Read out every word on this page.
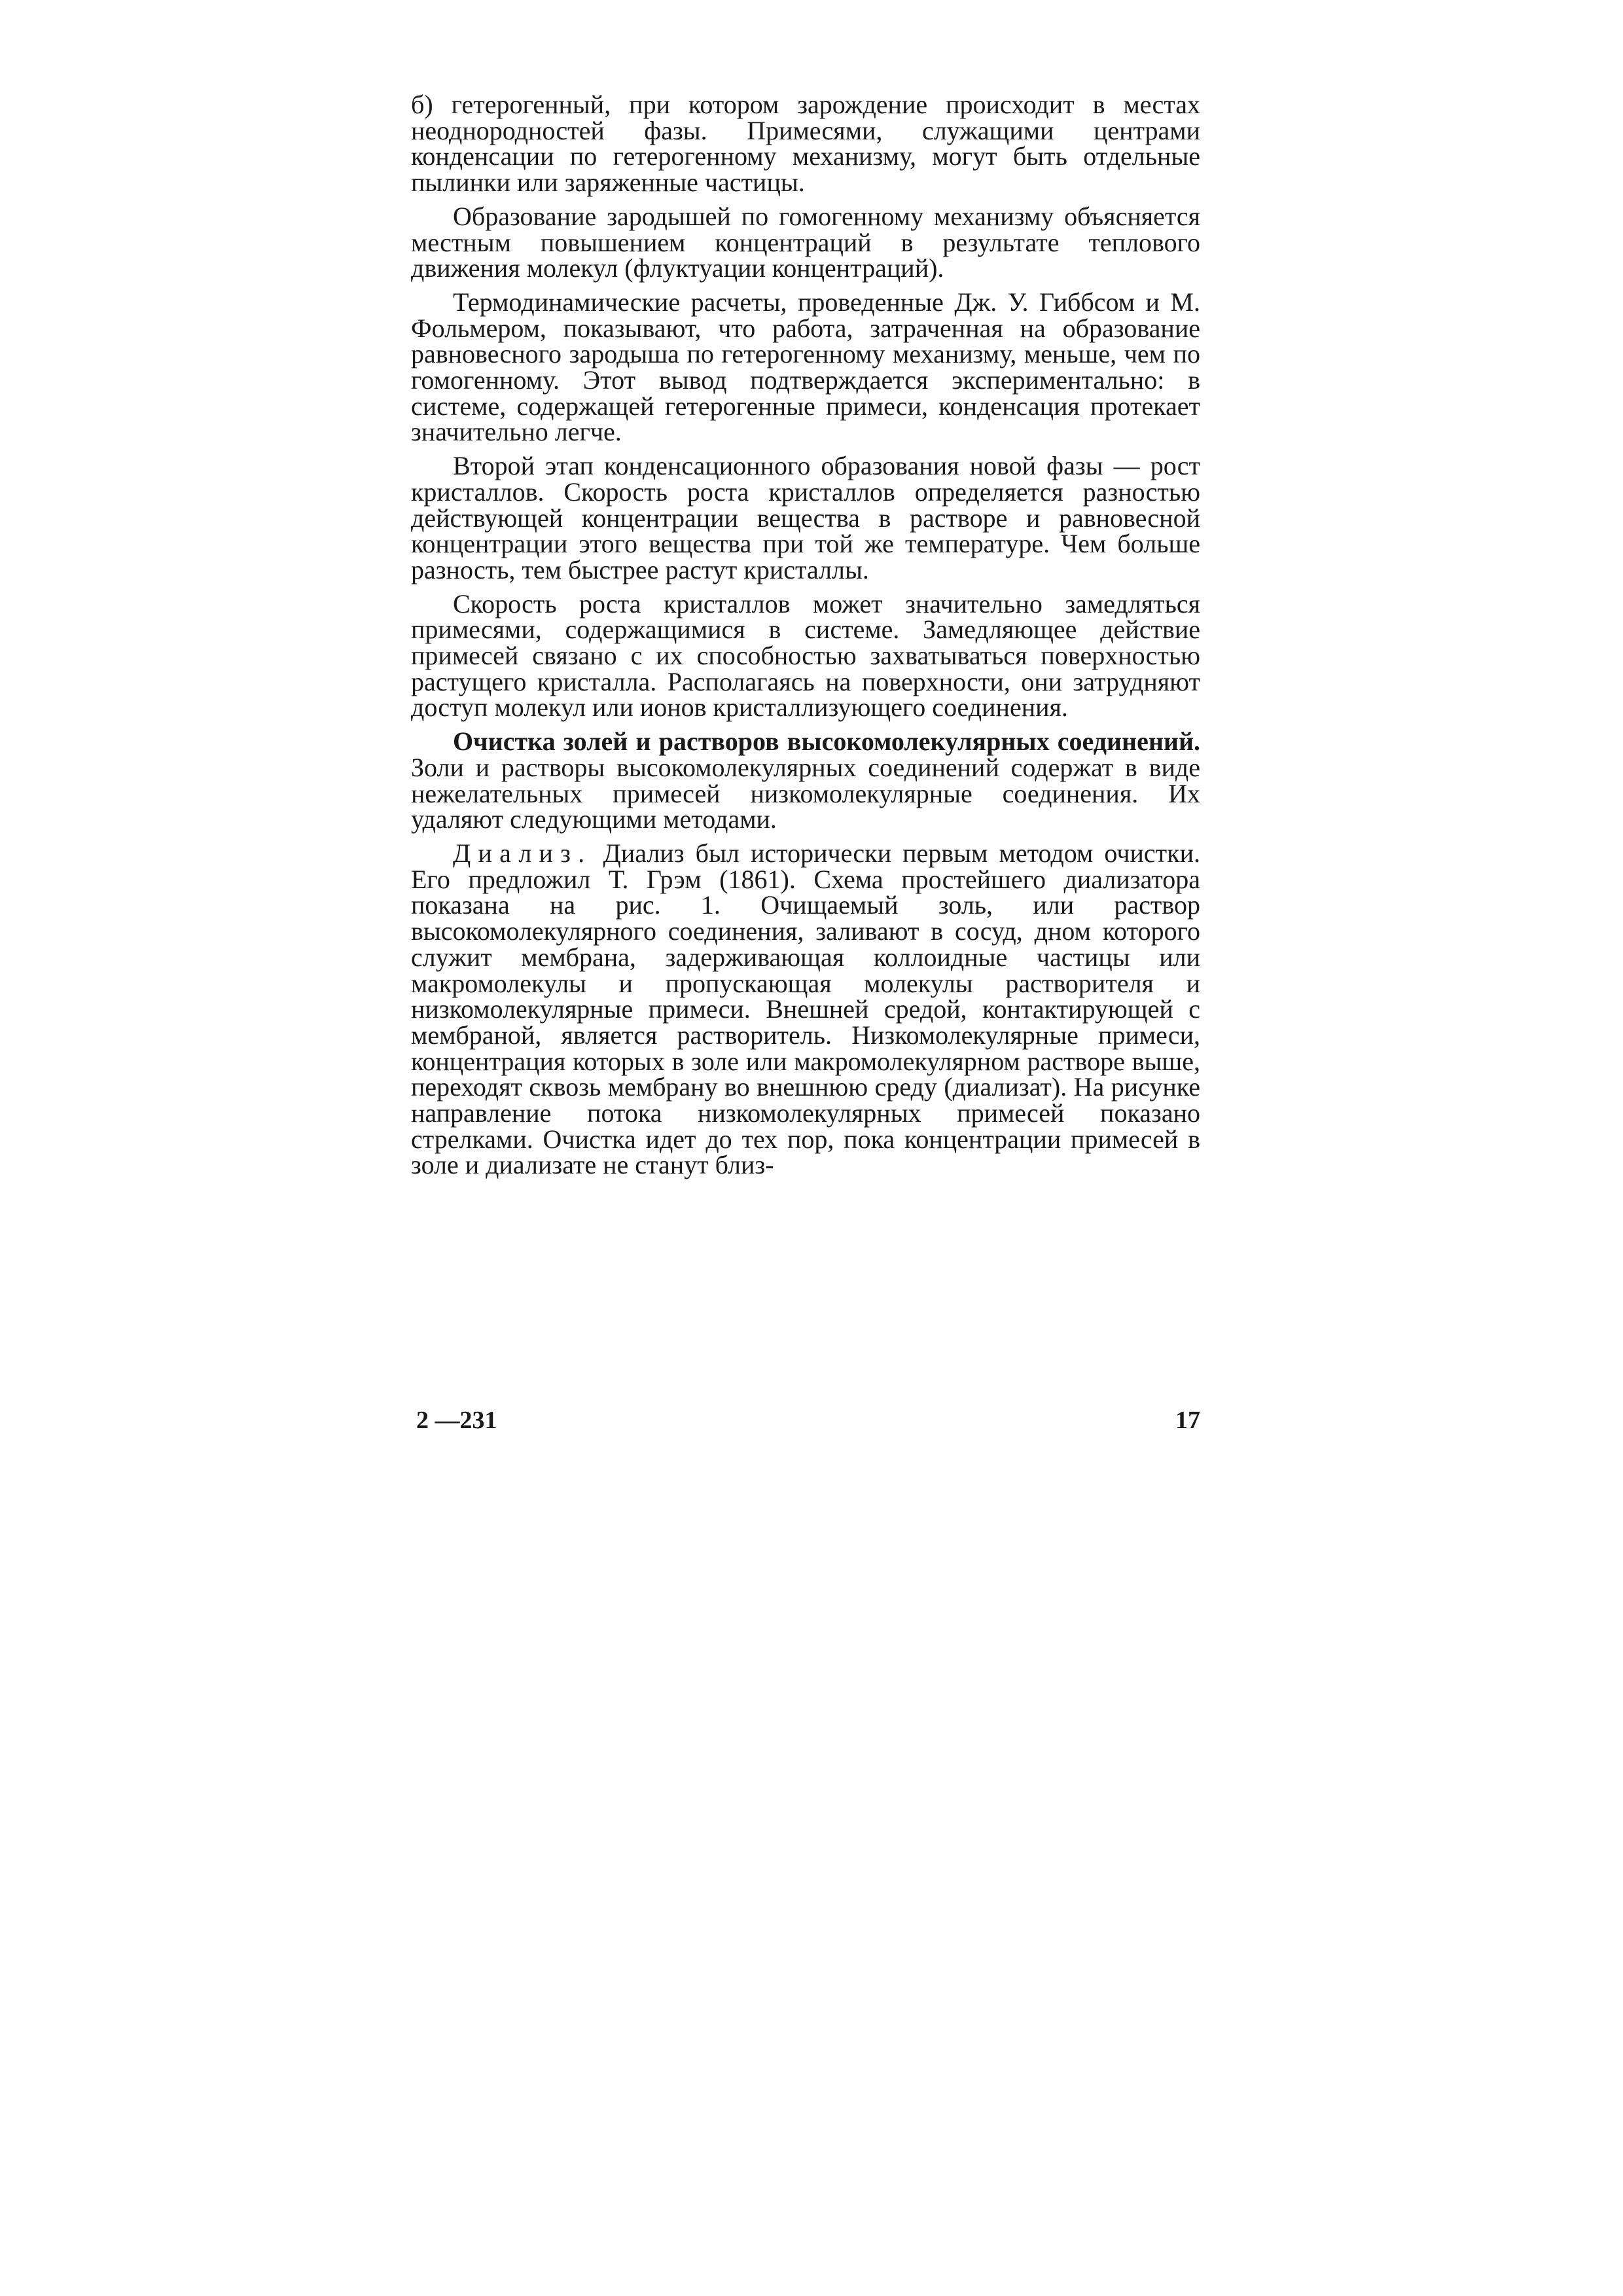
б) гетерогенный, при котором зарождение происходит в местах неоднородностей фазы. Примесями, служащими центрами конденсации по гетерогенному механизму, могут быть отдельные пылинки или заряженные частицы.

Образование зародышей по гомогенному механизму объясняется местным повышением концентраций в результате теплового движения молекул (флуктуации концентраций).

Термодинамические расчеты, проведенные Дж. У. Гиббсом и М. Фольмером, показывают, что работа, затраченная на образование равновесного зародыша по гетерогенному механизму, меньше, чем по гомогенному. Этот вывод подтверждается экспериментально: в системе, содержащей гетерогенные примеси, конденсация протекает значительно легче.

Второй этап конденсационного образования новой фазы — рост кристаллов. Скорость роста кристаллов определяется разностью действующей концентрации вещества в растворе и равновесной концентрации этого вещества при той же температуре. Чем больше разность, тем быстрее растут кристаллы.

Скорость роста кристаллов может значительно замедляться примесями, содержащимися в системе. Замедляющее действие примесей связано с их способностью захватываться поверхностью растущего кристалла. Располагаясь на поверхности, они затрудняют доступ молекул или ионов кристаллизующего соединения.

Очистка золей и растворов высокомолекулярных соединений. Золи и растворы высокомолекулярных соединений содержат в виде нежелательных примесей низкомолекулярные соединения. Их удаляют следующими методами.

Диализ. Диализ был исторически первым методом очистки. Его предложил Т. Грэм (1861). Схема простейшего диализатора показана на рис. 1. Очищаемый золь, или раствор высокомолекулярного соединения, заливают в сосуд, дном которого служит мембрана, задерживающая коллоидные частицы или макромолекулы и пропускающая молекулы растворителя и низкомолекулярные примеси. Внешней средой, контактирующей с мембраной, является растворитель. Низкомолекулярные примеси, концентрация которых в золе или макромолекулярном растворе выше, переходят сквозь мембрану во внешнюю среду (диализат). На рисунке направление потока низкомолекулярных примесей показано стрелками. Очистка идет до тех пор, пока концентрации примесей в золе и диализате не станут близ-

2 —231	17
